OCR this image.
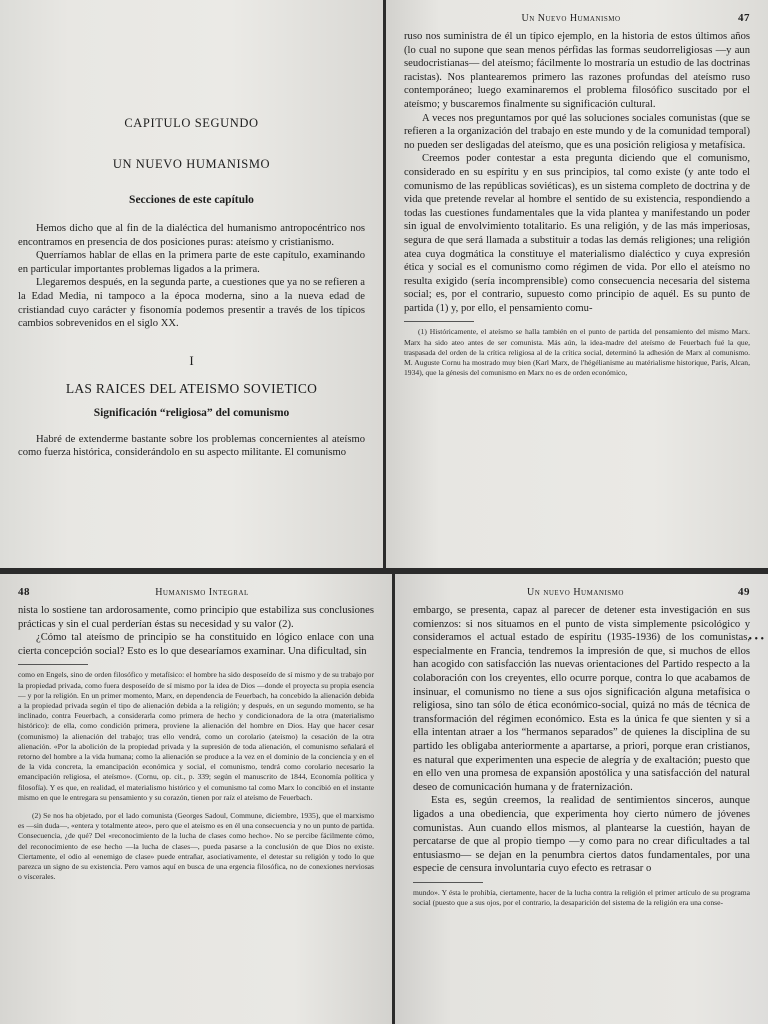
CAPITULO SEGUNDO
UN NUEVO HUMANISMO
Secciones de este capítulo

Hemos dicho que al fin de la dialéctica del humanismo antropocéntrico nos encontramos en presencia de dos posiciones puras: ateísmo y cristianismo.

Querríamos hablar de ellas en la primera parte de este capítulo, examinando en particular importantes problemas ligados a la primera.

Llegaremos después, en la segunda parte, a cuestiones que ya no se refieren a la Edad Media, ni tampoco a la época moderna, sino a la nueva edad de cristiandad cuyo carácter y fisonomía podemos presentir a través de los típicos cambios sobrevenidos en el siglo XX.

I
LAS RAICES DEL ATEISMO SOVIETICO
Significación “religiosa” del comunismo

Habré de extenderme bastante sobre los problemas concernientes al ateísmo como fuerza histórica, considerándolo en su aspecto militante. El comunismo

Un Nuevo Humanismo	47

ruso nos suministra de él un típico ejemplo, en la historia de estos últimos años (lo cual no supone que sean menos pérfidas las formas seudorreligiosas —y aun seudocristianas— del ateísmo; fácilmente lo mostraría un estudio de las doctrinas racistas). Nos plantearemos primero las razones profundas del ateísmo ruso contemporáneo; luego examinaremos el problema filosófico suscitado por el ateísmo; y buscaremos finalmente su significación cultural.

A veces nos preguntamos por qué las soluciones sociales comunistas (que se refieren a la organización del trabajo en este mundo y de la comunidad temporal) no pueden ser desligadas del ateísmo, que es una posición religiosa y metafísica.

Creemos poder contestar a esta pregunta diciendo que el comunismo, considerado en su espíritu y en sus principios, tal como existe (y ante todo el comunismo de las repúblicas soviéticas), es un sistema completo de doctrina y de vida que pretende revelar al hombre el sentido de su existencia, respondiendo a todas las cuestiones fundamentales que la vida plantea y manifestando un poder sin igual de envolvimiento totalitario. Es una religión, y de las más imperiosas, segura de que será llamada a substituir a todas las demás religiones; una religión atea cuya dogmática la constituye el materialismo dialéctico y cuya expresión ética y social es el comunismo como régimen de vida. Por ello el ateísmo no resulta exigido (sería incomprensible) como consecuencia necesaria del sistema social; es, por el contrario, supuesto como principio de aquél. Es su punto de partida (1) y, por ello, el pensamiento comu-

(1) Históricamente, el ateísmo se halla también en el punto de partida del pensamiento del mismo Marx. Marx ha sido ateo antes de ser comunista. Más aún, la idea-madre del ateísmo de Feuerbach fué la que, traspasada del orden de la crítica religiosa al de la crítica social, determinó la adhesión de Marx al comunismo. M. Auguste Cornu ha mostrado muy bien (Karl Marx, de l'hégélianisme au matérialisme historique, París, Alcan, 1934), que la génesis del comunismo en Marx no es de orden económico,

48	Humanismo Integral

nista lo sostiene tan ardorosamente, como principio que estabiliza sus conclusiones prácticas y sin el cual perderían éstas su necesidad y su valor (2).

¿Cómo tal ateísmo de principio se ha constituido en lógico enlace con una cierta concepción social? Esto es lo que desearíamos examinar. Una dificultad, sin

como en Engels, sino de orden filosófico y metafísico: el hombre ha sido desposeído de sí mismo y de su trabajo por la propiedad privada, como fuera desposeído de sí mismo por la idea de Dios —donde el proyecta su propia esencia— y por la religión. En un primer momento, Marx, en dependencia de Feuerbach, ha concebido la alienación debida a la propiedad privada según el tipo de alienación debida a la religión; y después, en un segundo momento, se ha inclinado, contra Feuerbach, a considerarla como primera de hecho y condicionadora de la otra (materialismo histórico): de ella, como condición primera, proviene la alienación del hombre en Dios. Hay que hacer cesar (comunismo) la alienación del trabajo; tras ello vendrá, como un corolario (ateísmo) la cesación de la otra alienación. «Por la abolición de la propiedad privada y la supresión de toda alienación, el comunismo señalará el retorno del hombre a la vida humana; como la alienación se produce a la vez en el dominio de la conciencia y en el de la vida concreta, la emancipación económica y social, el comunismo, tendrá como corolario necesario la emancipación religiosa, el ateísmo». (Cornu, op. cit., p. 339; según el manuscrito de 1844, Economía política y filosofía). Y es que, en realidad, el materialismo histórico y el comunismo tal como Marx lo concibió en el instante mismo en que le entregara su pensamiento y su corazón, tienen por raíz el ateísmo de Feuerbach.

(2) Se nos ha objetado, por el lado comunista (Georges Sadoul, Commune, diciembre, 1935), que el marxismo es —sin duda—, «entera y totalmente ateo», pero que el ateísmo es en él una consecuencia y no un punto de partida. Consecuencia, ¿de qué? Del «reconocimiento de la lucha de clases como hecho». No se percibe fácilmente cómo, del reconocimiento de ese hecho —la lucha de clases—, pueda pasarse a la conclusión de que Dios no existe. Ciertamente, el odio al «enemigo de clase» puede entrañar, asociativamente, el detestar su religión y todo lo que parezca un signo de su existencia. Pero vamos aquí en busca de una ergencia filosófica, no de conexiones nerviosas o viscerales.

Un nuevo Humanismo	49

embargo, se presenta, capaz al parecer de detener esta investigación en sus comienzos: si nos situamos en el punto de vista simplemente psicológico y consideramos el actual estado de espíritu (1935-1936) de los comunistas, especialmente en Francia, tendremos la impresión de que, si muchos de ellos han acogido con satisfacción las nuevas orientaciones del Partido respecto a la colaboración con los creyentes, ello ocurre porque, contra lo que acabamos de insinuar, el comunismo no tiene a sus ojos significación alguna metafísica o religiosa, sino tan sólo de ética económico-social, quizá no más de técnica de transformación del régimen económico. Esta es la única fe que sienten y si a ella intentan atraer a los “hermanos separados” de quienes la disciplina de su partido les obligaba anteriormente a apartarse, a priori, porque eran cristianos, es natural que experimenten una especie de alegría y de exaltación; puesto que en ello ven una promesa de expansión apostólica y una satisfacción del natural deseo de comunicación humana y de fraternización.

Esta es, según creemos, la realidad de sentimientos sinceros, aunque ligados a una obediencia, que experimenta hoy cierto número de jóvenes comunistas. Aun cuando ellos mismos, al plantearse la cuestión, hayan de percatarse de que al propio tiempo —y como para no crear dificultades a tal entusiasmo— se dejan en la penumbra ciertos datos fundamentales, por una especie de censura involuntaria cuyo efecto es retrasar o

mundo». Y ésta le prohibía, ciertamente, hacer de la lucha contra la religión el primer artículo de su programa social (puesto que a sus ojos, por el contrario, la desaparición del sistema de la religión era una conse-

• • •
